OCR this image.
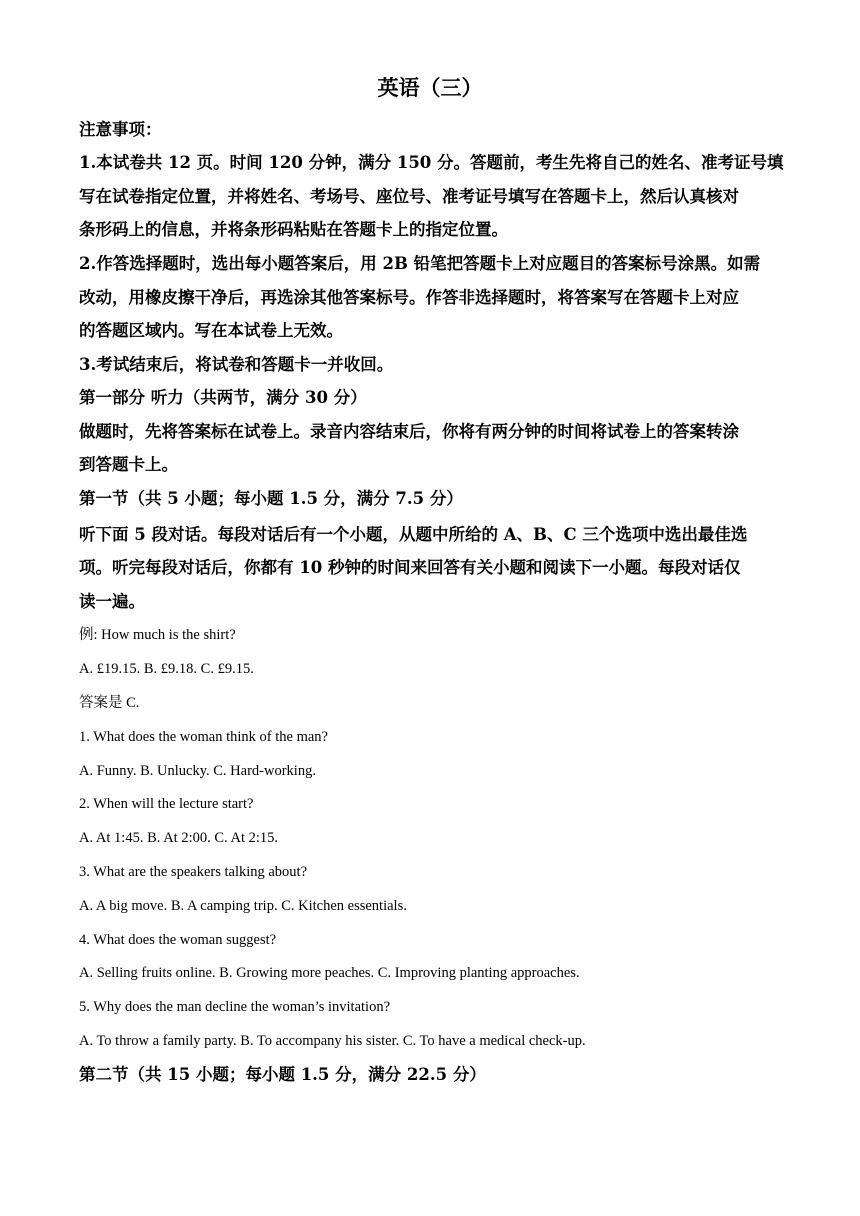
英语（三）
注意事项：
1.本试卷共 12 页。时间 120 分钟，满分 150 分。答题前，考生先将自己的姓名、准考证号填
写在试卷指定位置，并将姓名、考场号、座位号、准考证号填写在答题卡上，然后认真核对
条形码上的信息，并将条形码粘贴在答题卡上的指定位置。
2.作答选择题时，选出每小题答案后，用 2B 铅笔把答题卡上对应题目的答案标号涂黑。如需
改动，用橡皮擦干净后，再选涂其他答案标号。作答非选择题时，将答案写在答题卡上对应
的答题区域内。写在本试卷上无效。
3.考试结束后，将试卷和答题卡一并收回。
第一部分 听力（共两节，满分 30 分）
做题时，先将答案标在试卷上。录音内容结束后，你将有两分钟的时间将试卷上的答案转涂
到答题卡上。
第一节（共 5 小题；每小题 1.5 分，满分 7.5 分）
听下面 5 段对话。每段对话后有一个小题，从题中所给的 A、B、C 三个选项中选出最佳选
项。听完每段对话后，你都有 10 秒钟的时间来回答有关小题和阅读下一小题。每段对话仅
读一遍。
例: How much is the shirt?
A. £19.15. B. £9.18. C. £9.15.
答案是 C.
1. What does the woman think of the man?
A. Funny. B. Unlucky. C. Hard-working.
2. When will the lecture start?
A. At 1:45. B. At 2:00. C. At 2:15.
3. What are the speakers talking about?
A. A big move. B. A camping trip. C. Kitchen essentials.
4. What does the woman suggest?
A. Selling fruits online. B. Growing more peaches. C. Improving planting approaches.
5. Why does the man decline the woman’s invitation?
A. To throw a family party. B. To accompany his sister. C. To have a medical check-up.
第二节（共 15 小题；每小题 1.5 分，满分 22.5 分）
